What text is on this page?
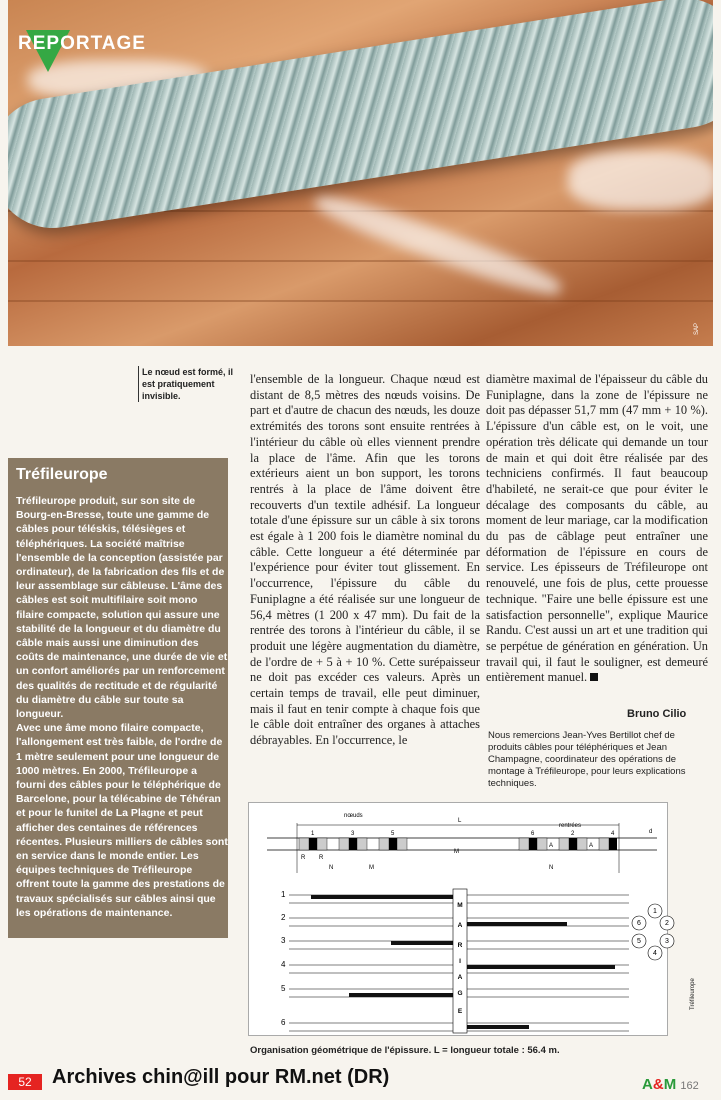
SAP
REPORTAGE
Le nœud est formé, il est pratiquement invisible.
Tréfileurope

Tréfileurope produit, sur son site de Bourg-en-Bresse, toute une gamme de câbles pour téléskis, télésièges et téléphériques. La société maîtrise l'ensemble de la conception (assistée par ordinateur), de la fabrication des fils et de leur assemblage sur câbleuse. L'âme des câbles est soit multifilaire soit mono filaire compacte, solution qui assure une stabilité de la longueur et du diamètre du câble mais aussi une diminution des coûts de maintenance, une durée de vie et un confort améliorés par un renforcement des qualités de rectitude et de régularité du diamètre du câble sur toute sa longueur.

Avec une âme mono filaire compacte, l'allongement est très faible, de l'ordre de 1 mètre seulement pour une longueur de 1000 mètres. En 2000, Tréfileurope a fourni des câbles pour le téléphérique de Barcelone, pour la télécabine de Téhéran et pour le funitel de La Plagne et peut afficher des centaines de références récentes. Plusieurs milliers de câbles sont en service dans le monde entier. Les équipes techniques de Tréfileurope offrent toute la gamme des prestations de travaux spécialisés sur câbles ainsi que les opérations de maintenance.

l'ensemble de la longueur. Chaque nœud est distant de 8,5 mètres des nœuds voisins. De part et d'autre de chacun des nœuds, les douze extrémités des torons sont ensuite rentrées à l'intérieur du câble où elles viennent prendre la place de l'âme. Afin que les torons extérieurs aient un bon support, les torons rentrés à la place de l'âme doivent être recouverts d'un textile adhésif. La longueur totale d'une épissure sur un câble à six torons est égale à 1 200 fois le diamètre nominal du câble. Cette longueur a été déterminée par l'expérience pour éviter tout glissement. En l'occurrence, l'épissure du câble du Funiplagne a été réalisée sur une longueur de 56,4 mètres (1 200 x 47 mm). Du fait de la rentrée des torons à l'intérieur du câble, il se produit une légère augmentation du diamètre, de l'ordre de + 5 à + 10 %. Cette surépaisseur ne doit pas excéder ces valeurs. Après un certain temps de travail, elle peut diminuer, mais il faut en tenir compte à chaque fois que le câble doit entraîner des organes à attaches débrayables. En l'occurrence, le

diamètre maximal de l'épaisseur du câble du Funiplagne, dans la zone de l'épissure ne doit pas dépasser 51,7 mm (47 mm + 10 %). L'épissure d'un câble est, on le voit, une opération très délicate qui demande un tour de main et qui doit être réalisée par des techniciens confirmés. Il faut beaucoup d'habileté, ne serait-ce que pour éviter le décalage des composants du câble, au moment de leur mariage, car la modification du pas de câblage peut entraîner une déformation de l'épissure en cours de service. Les épisseurs de Tréfileurope ont renouvelé, une fois de plus, cette prouesse technique. "Faire une belle épissure est une satisfaction personnelle", explique Maurice Randu. C'est aussi un art et une tradition qui se perpétue de génération en génération. Un travail qui, il faut le souligner, est demeuré entièrement manuel.

Bruno Cilio
Nous remercions Jean-Yves Bertillot chef de produits câbles pour téléphériques et Jean Champagne, coordinateur des opérations de montage à Tréfileurope, pour leurs explications techniques.
L
nœuds
rentrées
d
1	3	5	6	2	4
R R
N	M
M
N
A	A
M
A
R
I
A
G
E
1
2
3
4
5
6
1
2
3
4
5
6
Organisation géométrique de l'épissure. L = longueur totale : 56.4 m.
Tréfileurope
52	Archives chin@ill pour RM.net (DR)	A&M 162
